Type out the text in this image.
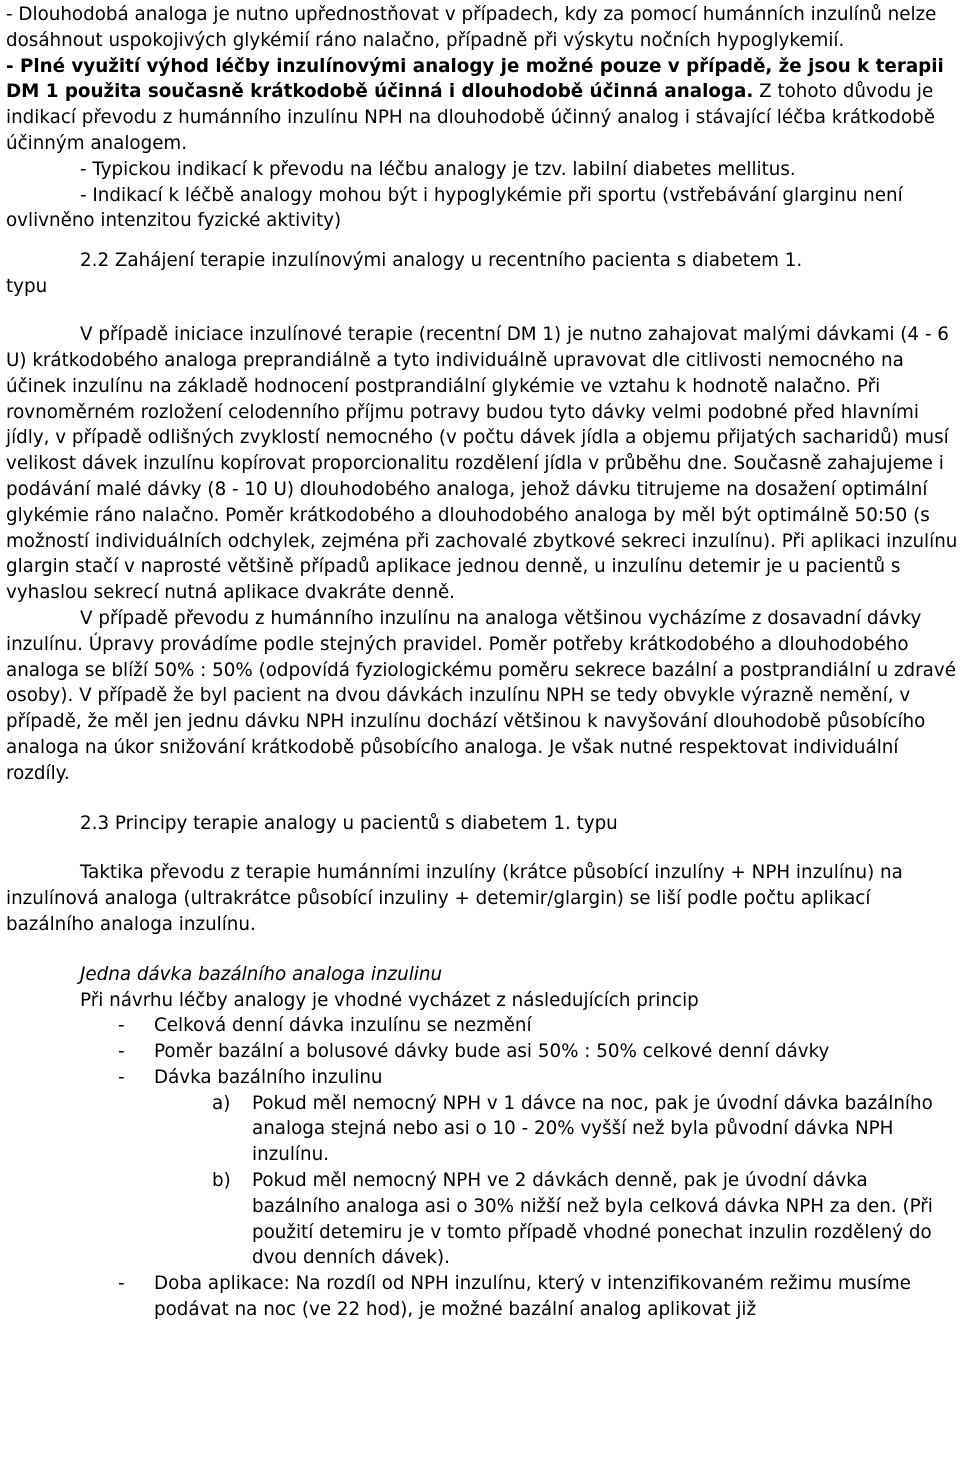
- Dlouhodobá analoga je nutno upřednostňovat v případech, kdy za pomocí humánních inzulínů nelze dosáhnout uspokojivých glykémií ráno nalačno, případně při výskytu nočních hypoglykemií.

- Plné využití výhod léčby inzulínovými analogy je možné pouze v případě, že jsou k terapii DM 1 použita současně krátkodobě účinná i dlouhodobě účinná analoga. Z tohoto důvodu je indikací převodu z humánního inzulínu NPH na dlouhodobě účinný analog i stávající léčba krátkodobě účinným analogem.

- Typickou indikací k převodu na léčbu analogy je tzv. labilní diabetes mellitus.

- Indikací k léčbě analogy mohou být i hypoglykémie při sportu (vstřebávání glarginu není ovlivněno intenzitou fyzické aktivity)

2.2 Zahájení terapie inzulínovými analogy u recentního pacienta s diabetem 1.
typu

V případě iniciace inzulínové terapie (recentní DM 1) je nutno zahajovat malými dávkami (4 - 6 U) krátkodobého analoga preprandiálně a tyto individuálně upravovat dle citlivosti nemocného na účinek inzulínu na základě hodnocení postprandiální glykémie ve vztahu k hodnotě nalačno. Při rovnoměrném rozložení celodenního příjmu potravy budou tyto dávky velmi podobné před hlavními jídly, v případě odlišných zvyklostí nemocného (v počtu dávek jídla a objemu přijatých sacharidů) musí velikost dávek inzulínu kopírovat proporcionalitu rozdělení jídla v průběhu dne. Současně zahajujeme i podávání malé dávky (8 - 10 U) dlouhodobého analoga, jehož dávku titrujeme na dosažení optimální glykémie ráno nalačno. Poměr krátkodobého a dlouhodobého analoga by měl být optimálně 50:50 (s možností individuálních odchylek, zejména při zachovalé zbytkové sekreci inzulínu). Při aplikaci inzulínu glargin stačí v naprosté většině případů aplikace jednou denně, u inzulínu detemir je u pacientů s vyhaslou sekrecí nutná aplikace dvakráte denně.

V případě převodu z humánního inzulínu na analoga většinou vycházíme z dosavadní dávky inzulínu. Úpravy provádíme podle stejných pravidel. Poměr potřeby krátkodobého a dlouhodobého analoga se blíží 50% : 50% (odpovídá fyziologickému poměru sekrece bazální a postprandiální u zdravé osoby). V případě že byl pacient na dvou dávkách inzulínu NPH se tedy obvykle výrazně nemění, v případě, že měl jen jednu dávku NPH inzulínu dochází většinou k navyšování dlouhodobě působícího analoga na úkor snižování krátkodobě působícího analoga. Je však nutné respektovat individuální rozdíly.

2.3 Principy terapie analogy u pacientů s diabetem 1. typu

Taktika převodu z terapie humánními inzulíny (krátce působící inzulíny + NPH inzulínu) na inzulínová analoga (ultrakrátce působící inzuliny + detemir/glargin) se liší podle počtu aplikací bazálního analoga inzulínu.

Jedna dávka bazálního analoga inzulinu

Při návrhu léčby analogy je vhodné vycházet z následujících princip

- Celková denní dávka inzulínu se nezmění
- Poměr bazální a bolusové dávky bude asi 50% : 50% celkové denní dávky
- Dávka bazálního inzulinu
a) Pokud měl nemocný NPH v 1 dávce na noc, pak je úvodní dávka bazálního analoga stejná nebo asi o 10 - 20% vyšší než byla původní dávka NPH inzulínu.
b) Pokud měl nemocný NPH ve 2 dávkách denně, pak je úvodní dávka bazálního analoga asi o 30% nižší než byla celková dávka NPH za den. (Při použití detemiru je v tomto případě vhodné ponechat inzulin rozdělený do dvou denních dávek).
- Doba aplikace: Na rozdíl od NPH inzulínu, který v intenzifikovaném režimu musíme podávat na noc (ve 22 hod), je možné bazální analog aplikovat již
